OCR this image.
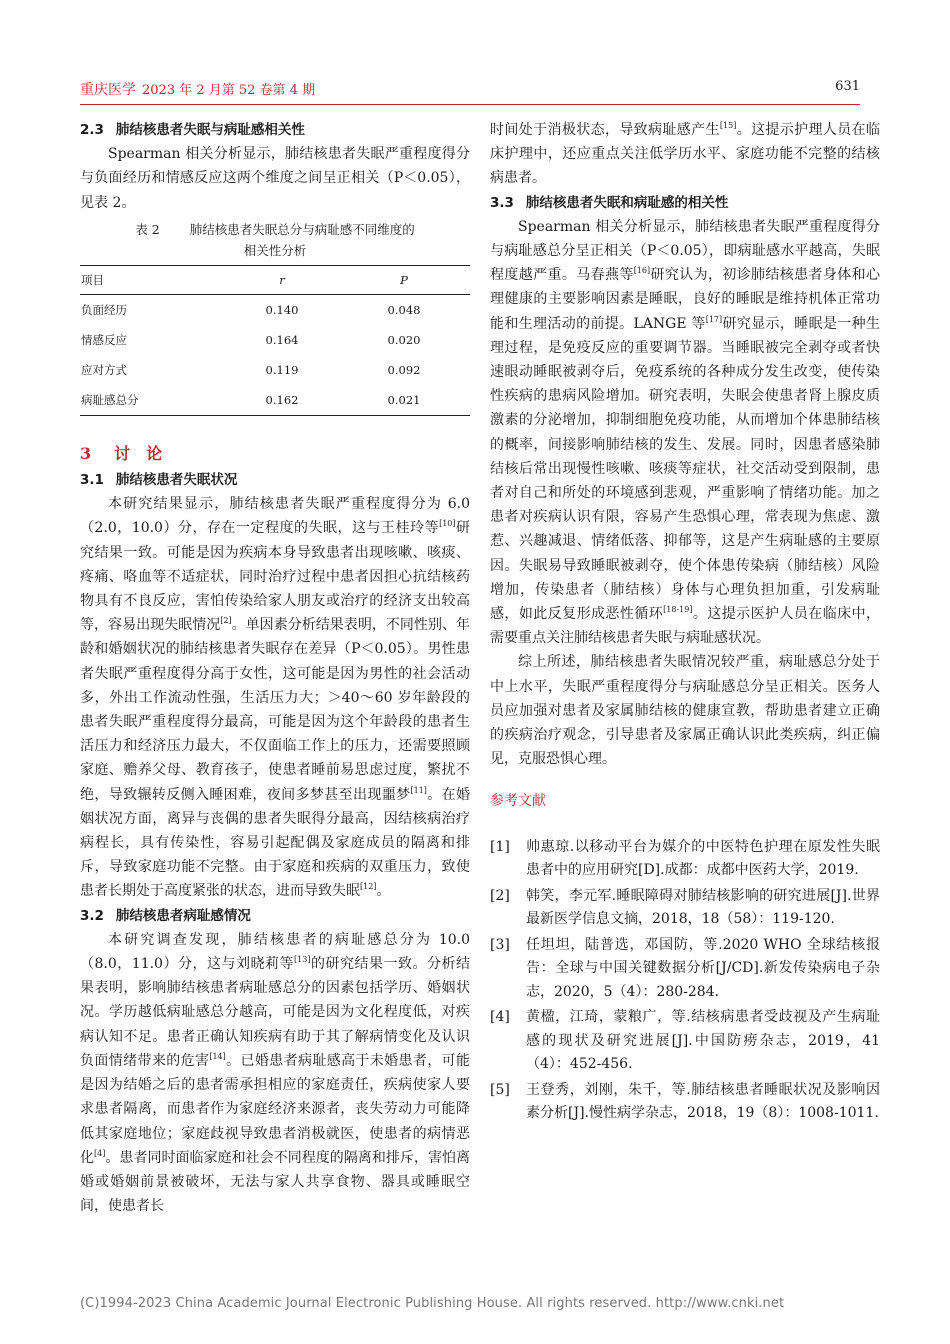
重庆医学 2023 年 2 月第 52 卷第 4 期	631
2.3 肺结核患者失眠与病耻感相关性

Spearman 相关分析显示，肺结核患者失眠严重程度得分与负面经历和情感反应这两个维度之间呈正相关（P＜0.05），见表 2。

表 2 肺结核患者失眠总分与病耻感不同维度的
相关性分析
项目	r	P
负面经历	0.140	0.048
情感反应	0.164	0.020
应对方式	0.119	0.092
病耻感总分	0.162	0.021
3 讨论
3.1 肺结核患者失眠状况

本研究结果显示，肺结核患者失眠严重程度得分为 6.0（2.0，10.0）分，存在一定程度的失眠，这与王桂玲等[10]研究结果一致。可能是因为疾病本身导致患者出现咳嗽、咳痰、疼痛、咯血等不适症状，同时治疗过程中患者因担心抗结核药物具有不良反应，害怕传染给家人朋友或治疗的经济支出较高等，容易出现失眠情况[2]。单因素分析结果表明，不同性别、年龄和婚姻状况的肺结核患者失眠存在差异（P＜0.05）。男性患者失眠严重程度得分高于女性，这可能是因为男性的社会活动多，外出工作流动性强，生活压力大；＞40～60 岁年龄段的患者失眠严重程度得分最高，可能是因为这个年龄段的患者生活压力和经济压力最大，不仅面临工作上的压力，还需要照顾家庭、赡养父母、教育孩子，使患者睡前易思虑过度，繁扰不绝，导致辗转反侧入睡困难，夜间多梦甚至出现噩梦[11]。在婚姻状况方面，离异与丧偶的患者失眠得分最高，因结核病治疗病程长，具有传染性，容易引起配偶及家庭成员的隔离和排斥，导致家庭功能不完整。由于家庭和疾病的双重压力，致使患者长期处于高度紧张的状态，进而导致失眠[12]。

3.2 肺结核患者病耻感情况

本研究调查发现，肺结核患者的病耻感总分为 10.0（8.0，11.0）分，这与刘晓莉等[13]的研究结果一致。分析结果表明，影响肺结核患者病耻感总分的因素包括学历、婚姻状况。学历越低病耻感总分越高，可能是因为文化程度低，对疾病认知不足。患者正确认知疾病有助于其了解病情变化及认识负面情绪带来的危害[14]。已婚患者病耻感高于未婚患者，可能是因为结婚之后的患者需承担相应的家庭责任，疾病使家人要求患者隔离，而患者作为家庭经济来源者，丧失劳动力可能降低其家庭地位；家庭歧视导致患者消极就医，使患者的病情恶化[4]。患者同时面临家庭和社会不同程度的隔离和排斥，害怕离婚或婚姻前景被破坏，无法与家人共享食物、器具或睡眠空间，使患者长

时间处于消极状态，导致病耻感产生[15]。这提示护理人员在临床护理中，还应重点关注低学历水平、家庭功能不完整的结核病患者。

3.3 肺结核患者失眠和病耻感的相关性

Spearman 相关分析显示，肺结核患者失眠严重程度得分与病耻感总分呈正相关（P＜0.05），即病耻感水平越高，失眠程度越严重。马春燕等[16]研究认为，初诊肺结核患者身体和心理健康的主要影响因素是睡眠，良好的睡眠是维持机体正常功能和生理活动的前提。LANGE 等[17]研究显示，睡眠是一种生理过程，是免疫反应的重要调节器。当睡眠被完全剥夺或者快速眼动睡眠被剥夺后，免疫系统的各种成分发生改变，使传染性疾病的患病风险增加。研究表明，失眠会使患者肾上腺皮质激素的分泌增加，抑制细胞免疫功能，从而增加个体患肺结核的概率，间接影响肺结核的发生、发展。同时，因患者感染肺结核后常出现慢性咳嗽、咳痰等症状，社交活动受到限制，患者对自己和所处的环境感到悲观，严重影响了情绪功能。加之患者对疾病认识有限，容易产生恐惧心理，常表现为焦虑、激惹、兴趣减退、情绪低落、抑郁等，这是产生病耻感的主要原因。失眠易导致睡眠被剥夺，使个体患传染病（肺结核）风险增加，传染患者（肺结核）身体与心理负担加重，引发病耻感，如此反复形成恶性循环[18-19]。这提示医护人员在临床中，需要重点关注肺结核患者失眠与病耻感状况。

综上所述，肺结核患者失眠情况较严重，病耻感总分处于中上水平，失眠严重程度得分与病耻感总分呈正相关。医务人员应加强对患者及家属肺结核的健康宣教，帮助患者建立正确的疾病治疗观念，引导患者及家属正确认识此类疾病，纠正偏见，克服恐惧心理。

参考文献
[1]	帅惠琼.以移动平台为媒介的中医特色护理在原发性失眠患者中的应用研究[D].成都：成都中医药大学，2019.
[2]	韩笑，李元军.睡眠障碍对肺结核影响的研究进展[J].世界最新医学信息文摘，2018，18（58）：119-120.
[3]	任坦坦，陆普选，邓国防，等.2020 WHO 全球结核报告：全球与中国关键数据分析[J/CD].新发传染病电子杂志，2020，5（4）：280-284.
[4]	黄楹，江琦，蒙粮广，等.结核病患者受歧视及产生病耻感的现状及研究进展[J].中国防痨杂志，2019，41（4）：452-456.
[5]	王登秀，刘刚，朱千，等.肺结核患者睡眠状况及影响因素分析[J].慢性病学杂志，2018，19（8）：1008-1011.
(C)1994-2023 China Academic Journal Electronic Publishing House. All rights reserved. http://www.cnki.net
